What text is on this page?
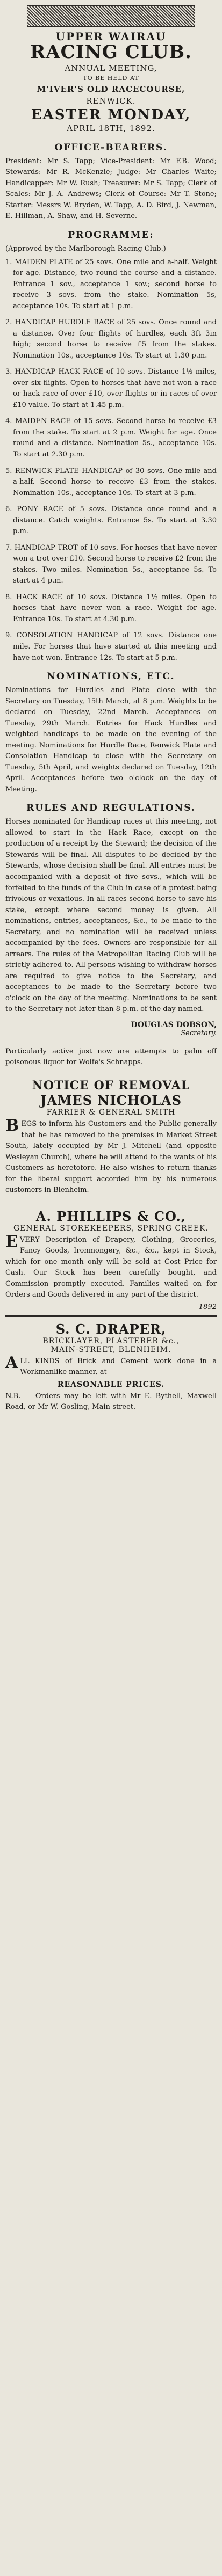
UPPER WAIRAU
RACING CLUB.
ANNUAL MEETING,
TO BE HELD AT
M'IVER'S OLD RACECOURSE,
RENWICK.
EASTER MONDAY,
APRIL 18TH, 1892.
OFFICE-BEARERS.

President: Mr S. Tapp; Vice-President: Mr F.B. Wood; Stewards: Mr R. McKenzie; Judge: Mr Charles Waite; Handicapper: Mr W. Rush; Treasurer: Mr S. Tapp; Clerk of Scales: Mr J. A. Andrews; Clerk of Course: Mr T. Stone; Starter: Messrs W. Bryden, W. Tapp, A. D. Bird, J. Newman, E. Hillman, A. Shaw, and H. Severne.

PROGRAMME:

(Approved by the Marlborough Racing Club.)

1. MAIDEN PLATE of 25 sovs. One mile and a-half. Weight for age. Distance, two round the course and a distance. Entrance 1 sov., acceptance 1 sov.; second horse to receive 3 sovs. from the stake. Nomination 5s, acceptance 10s. To start at 1 p.m.
2. HANDICAP HURDLE RACE of 25 sovs. Once round and a distance. Over four flights of hurdles, each 3ft 3in high; second horse to receive £5 from the stakes. Nomination 10s., acceptance 10s. To start at 1.30 p.m.
3. HANDICAP HACK RACE of 10 sovs. Distance 1½ miles, over six flights. Open to horses that have not won a race or hack race of over £10, over flights or in races of over £10 value. To start at 1.45 p.m.
4. MAIDEN RACE of 15 sovs. Second horse to receive £3 from the stake. To start at 2 p.m. Weight for age. Once round and a distance. Nomination 5s., acceptance 10s. To start at 2.30 p.m.
5. RENWICK PLATE HANDICAP of 30 sovs. One mile and a-half. Second horse to receive £3 from the stakes. Nomination 10s., acceptance 10s. To start at 3 p.m.
6. PONY RACE of 5 sovs. Distance once round and a distance. Catch weights. Entrance 5s. To start at 3.30 p.m.
7. HANDICAP TROT of 10 sovs. For horses that have never won a trot over £10. Second horse to receive £2 from the stakes. Two miles. Nomination 5s., acceptance 5s. To start at 4 p.m.
8. HACK RACE of 10 sovs. Distance 1½ miles. Open to horses that have never won a race. Weight for age. Entrance 10s. To start at 4.30 p.m.
9. CONSOLATION HANDICAP of 12 sovs. Distance one mile. For horses that have started at this meeting and have not won. Entrance 12s. To start at 5 p.m.
NOMINATIONS, ETC.

Nominations for Hurdles and Plate close with the Secretary on Tuesday, 15th March, at 8 p.m. Weights to be declared on Tuesday, 22nd March. Acceptances on Tuesday, 29th March. Entries for Hack Hurdles and weighted handicaps to be made on the evening of the meeting. Nominations for Hurdle Race, Renwick Plate and Consolation Handicap to close with the Secretary on Tuesday, 5th April, and weights declared on Tuesday, 12th April. Acceptances before two o'clock on the day of Meeting.

RULES AND REGULATIONS.

Horses nominated for Handicap races at this meeting, not allowed to start in the Hack Race, except on the production of a receipt by the Steward; the decision of the Stewards will be final. All disputes to be decided by the Stewards, whose decision shall be final. All entries must be accompanied with a deposit of five sovs., which will be forfeited to the funds of the Club in case of a protest being frivolous or vexatious. In all races second horse to save his stake, except where second money is given. All nominations, entries, acceptances, &c., to be made to the Secretary, and no nomination will be received unless accompanied by the fees. Owners are responsible for all arrears. The rules of the Metropolitan Racing Club will be strictly adhered to. All persons wishing to withdraw horses are required to give notice to the Secretary, and acceptances to be made to the Secretary before two o'clock on the day of the meeting. Nominations to be sent to the Secretary not later than 8 p.m. of the day named.

DOUGLAS DOBSON,
Secretary.

Particularly active just now are attempts to palm off poisonous liquor for Wolfe's Schnapps.

NOTICE OF REMOVAL
JAMES NICHOLAS
FARRIER & GENERAL SMITH
B EGS to inform his Customers and the Public generally that he has removed to the premises in Market Street South, lately occupied by Mr J. Mitchell (and opposite Wesleyan Church), where he will attend to the wants of his Customers as heretofore. He also wishes to return thanks for the liberal support accorded him by his numerous customers in Blenheim.

A. PHILLIPS & CO.,
GENERAL STOREKEEPERS, SPRING CREEK.
E VERY Description of Drapery, Clothing, Groceries, Fancy Goods, Ironmongery, &c., &c., kept in Stock, which for one month only will be sold at Cost Price for Cash. Our Stock has been carefully bought, and Commission promptly executed. Families waited on for Orders and Goods delivered in any part of the district.

1892
S. C. DRAPER,
BRICKLAYER, PLASTERER &c.,
MAIN-STREET, BLENHEIM.
A LL KINDS of Brick and Cement work done in a Workmanlike manner, at

REASONABLE PRICES.

N.B. — Orders may be left with Mr E. Bythell, Maxwell Road, or Mr W. Gosling, Main-street.
